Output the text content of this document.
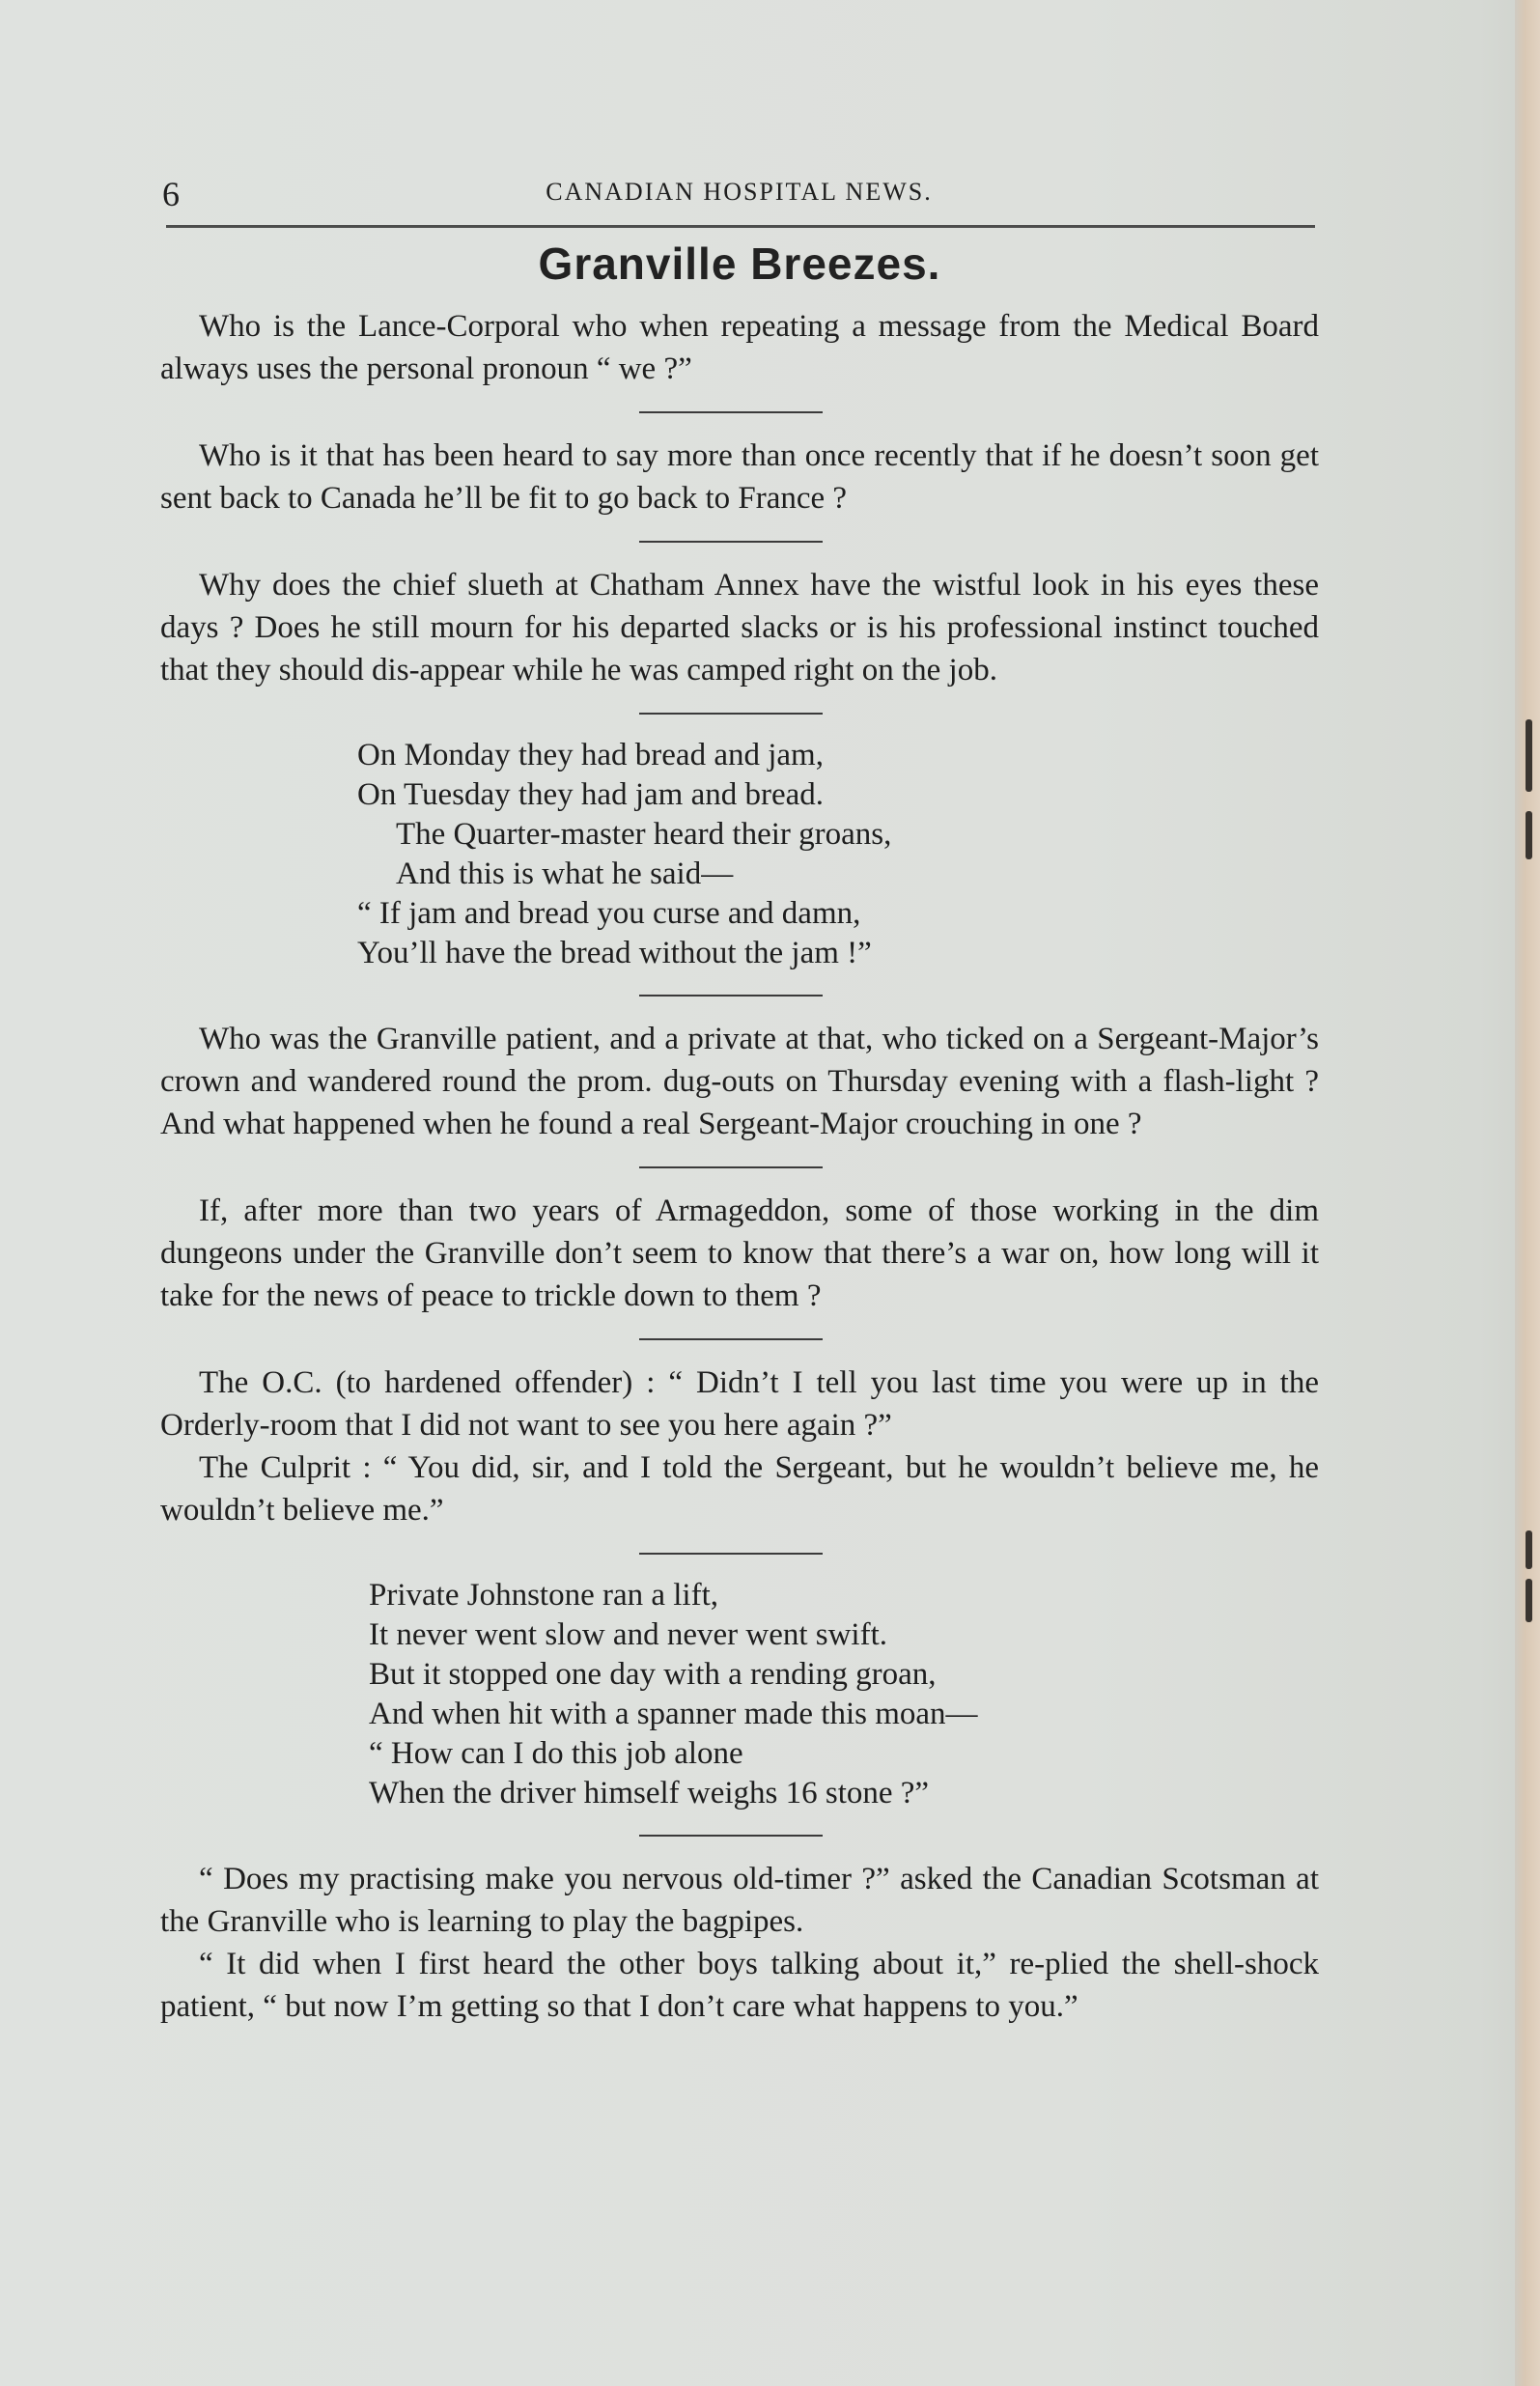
6	CANADIAN HOSPITAL NEWS.
Granville Breezes.

Who is the Lance-Corporal who when repeating a message from the Medical Board always uses the personal pronoun “ we ?”

Who is it that has been heard to say more than once recently that if he doesn’t soon get sent back to Canada he’ll be fit to go back to France ?

Why does the chief slueth at Chatham Annex have the wistful look in his eyes these days ? Does he still mourn for his departed slacks or is his professional instinct touched that they should dis-appear while he was camped right on the job.

On Monday they had bread and jam,
On Tuesday they had jam and bread.
The Quarter-master heard their groans,
And this is what he said—
“ If jam and bread you curse and damn,
You’ll have the bread without the jam !”

Who was the Granville patient, and a private at that, who ticked on a Sergeant-Major’s crown and wandered round the prom. dug-outs on Thursday evening with a flash-light ? And what happened when he found a real Sergeant-Major crouching in one ?

If, after more than two years of Armageddon, some of those working in the dim dungeons under the Granville don’t seem to know that there’s a war on, how long will it take for the news of peace to trickle down to them ?

The O.C. (to hardened offender) : “ Didn’t I tell you last time you were up in the Orderly-room that I did not want to see you here again ?”

The Culprit : “ You did, sir, and I told the Sergeant, but he wouldn’t believe me, he wouldn’t believe me.”

Private Johnstone ran a lift,
It never went slow and never went swift.
But it stopped one day with a rending groan,
And when hit with a spanner made this moan—
“ How can I do this job alone
When the driver himself weighs 16 stone ?”

“ Does my practising make you nervous old-timer ?” asked the Canadian Scotsman at the Granville who is learning to play the bagpipes.

“ It did when I first heard the other boys talking about it,” re-plied the shell-shock patient, “ but now I’m getting so that I don’t care what happens to you.”
